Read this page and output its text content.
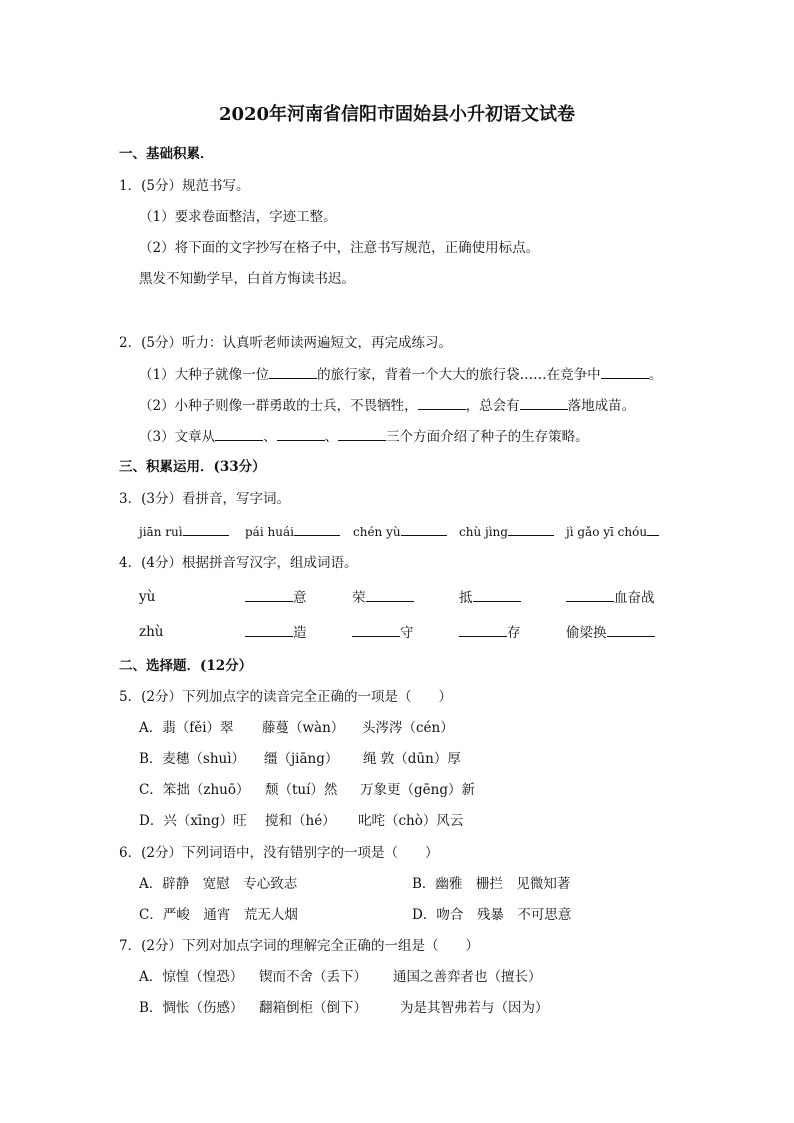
2020年河南省信阳市固始县小升初语文试卷
一、基础积累．
1．(5分）规范书写。
（1）要求卷面整洁，字迹工整。
（2）将下面的文字抄写在格子中，注意书写规范，正确使用标点。
黑发不知勤学早，白首方悔读书迟。
2．(5分）听力：认真听老师读两遍短文，再完成练习。
（1）大种子就像一位	的旅行家，背着一个大大的旅行袋……在竞争中	。
（2）小种子则像一群勇敢的士兵，不畏牺牲，	，总会有	落地成苗。
（3）文章从	、	、	三个方面介绍了种子的生存策略。
三、积累运用．(33分）
3．(3分）看拼音，写字词。
jiān ruì	pái huái	chén yù	chù jìng	jì gǎo yī chóu
4．(4分）根据拼音写汉字，组成词语。
yù	意	荣	抵	血奋战
zhù	造	守	存	偷梁换
二、选择题．(12分）
5．(2分）下列加点字的读音完全正确的一项是（　　）
A．翡（fěi）翠 藤蔓（wàn） 头涔涔（cén）
B．麦穗（shuì） 缰（jiāng） 绳 敦（dūn）厚
C．笨拙（zhuō） 颓（tuí）然 万象更（gēng）新
D．兴（xīng）旺 搅和（hé） 叱咤（chò）风云
6．(2分）下列词语中，没有错别字的一项是（　　）
A．辟静　宽慰　专心致志	B．幽雅　栅拦　见微知著
C．严峻　通宵　荒无人烟	D．吻合　残暴　不可思意
7．(2分）下列对加点字词的理解完全正确的一组是（　　）
A．惊惶（惶恐） 锲而不舍（丢下） 通国之善弈者也（擅长）
B．惆怅（伤感） 翻箱倒柜（倒下） 为是其智弗若与（因为）
